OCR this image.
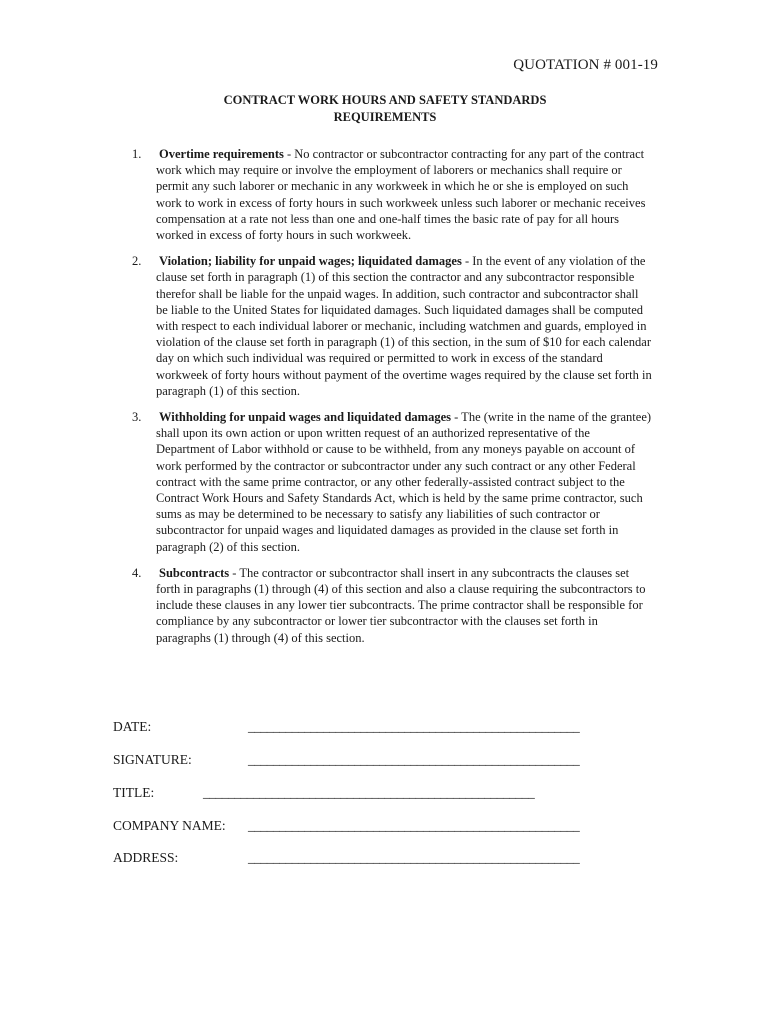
QUOTATION # 001-19
CONTRACT WORK HOURS AND SAFETY STANDARDS
REQUIREMENTS
1. Overtime requirements - No contractor or subcontractor contracting for any part of the contract work which may require or involve the employment of laborers or mechanics shall require or permit any such laborer or mechanic in any workweek in which he or she is employed on such work to work in excess of forty hours in such workweek unless such laborer or mechanic receives compensation at a rate not less than one and one-half times the basic rate of pay for all hours worked in excess of forty hours in such workweek.
2. Violation; liability for unpaid wages; liquidated damages - In the event of any violation of the clause set forth in paragraph (1) of this section the contractor and any subcontractor responsible therefor shall be liable for the unpaid wages. In addition, such contractor and subcontractor shall be liable to the United States for liquidated damages. Such liquidated damages shall be computed with respect to each individual laborer or mechanic, including watchmen and guards, employed in violation of the clause set forth in paragraph (1) of this section, in the sum of $10 for each calendar day on which such individual was required or permitted to work in excess of the standard workweek of forty hours without payment of the overtime wages required by the clause set forth in paragraph (1) of this section.
3. Withholding for unpaid wages and liquidated damages - The (write in the name of the grantee) shall upon its own action or upon written request of an authorized representative of the Department of Labor withhold or cause to be withheld, from any moneys payable on account of work performed by the contractor or subcontractor under any such contract or any other Federal contract with the same prime contractor, or any other federally-assisted contract subject to the Contract Work Hours and Safety Standards Act, which is held by the same prime contractor, such sums as may be determined to be necessary to satisfy any liabilities of such contractor or subcontractor for unpaid wages and liquidated damages as provided in the clause set forth in paragraph (2) of this section.
4. Subcontracts - The contractor or subcontractor shall insert in any subcontracts the clauses set forth in paragraphs (1) through (4) of this section and also a clause requiring the subcontractors to include these clauses in any lower tier subcontracts. The prime contractor shall be responsible for compliance by any subcontractor or lower tier subcontractor with the clauses set forth in paragraphs (1) through (4) of this section.
DATE:	_____________________________________________________
SIGNATURE:	_____________________________________________________
TITLE:	_____________________________________________________
COMPANY NAME: _____________________________________________________
ADDRESS:	_____________________________________________________
